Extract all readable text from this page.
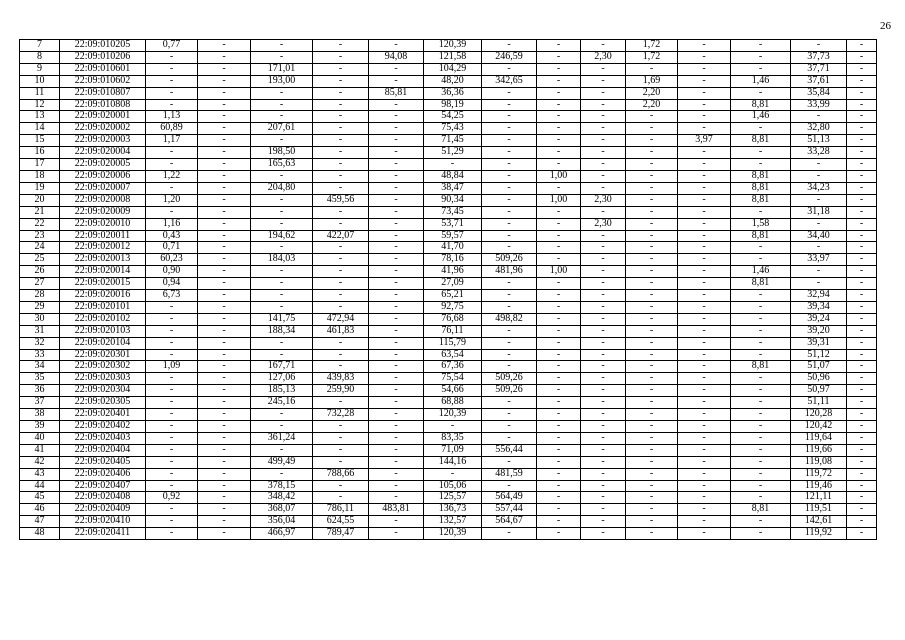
26
7	22:09:010205	0,77	-	-	-	-	120,39	-	-	-	1,72	-	-	-	-
8	22:09:010206	-	-	-	-	94,08	121,58	246,59	-	2,30	1,72	-	-	37,73	-
9	22:09:010601	-	-	171,01	-	-	104,29	-	-	-	-	-	-	37,71	-
10	22:09:010602	-	-	193,00	-	-	48,20	342,65	-	-	1,69	-	1,46	37,61	-
11	22:09:010807	-	-	-	-	85,81	36,36	-	-	-	2,20	-	-	35,84	-
12	22:09:010808	-	-	-	-	-	98,19	-	-	-	2,20	-	8,81	33,99	-
13	22:09:020001	1,13	-	-	-	-	54,25	-	-	-	-	-	1,46	-	-
14	22:09:020002	60,89	-	207,61	-	-	75,43	-	-	-	-	-	-	32,80	-
15	22:09:020003	1,17	-	-	-	-	71,45	-	-	-	-	3,97	8,81	51,13	-
16	22:09:020004	-	-	198,50	-	-	51,29	-	-	-	-	-	-	33,28	-
17	22:09:020005	-	-	165,63	-	-	-	-	-	-	-	-	-	-	-
18	22:09:020006	1,22	-	-	-	-	48,84	-	1,00	-	-	-	8,81	-	-
19	22:09:020007	-	-	204,80	-	-	38,47	-	-	-	-	-	8,81	34,23	-
20	22:09:020008	1,20	-	-	459,56	-	90,34	-	1,00	2,30	-	-	8,81	-	-
21	22:09:020009	-	-	-	-	-	73,45	-	-	-	-	-	-	31,18	-
22	22:09:020010	1,16	-	-	-	-	53,71	-	-	2,30	-	-	1,58	-	-
23	22:09:020011	0,43	-	194,62	422,07	-	59,57	-	-	-	-	-	8,81	34,40	-
24	22:09:020012	0,71	-	-	-	-	41,70	-	-	-	-	-	-	-	-
25	22:09:020013	60,23	-	184,03	-	-	78,16	509,26	-	-	-	-	-	33,97	-
26	22:09:020014	0,90	-	-	-	-	41,96	481,96	1,00	-	-	-	1,46	-	-
27	22:09:020015	0,94	-	-	-	-	27,09	-	-	-	-	-	8,81	-	-
28	22:09:020016	6,73	-	-	-	-	65,21	-	-	-	-	-	-	32,94	-
29	22:09:020101	-	-	-	-	-	92,75	-	-	-	-	-	-	39,34	-
30	22:09:020102	-	-	141,75	472,94	-	76,68	498,82	-	-	-	-	-	39,24	-
31	22:09:020103	-	-	188,34	461,83	-	76,11	-	-	-	-	-	-	39,20	-
32	22:09:020104	-	-	-	-	-	115,79	-	-	-	-	-	-	39,31	-
33	22:09:020301	-	-	-	-	-	63,54	-	-	-	-	-	-	51,12	-
34	22:09:020302	1,09	-	167,71	-	-	67,36	-	-	-	-	-	8,81	51,07	-
35	22:09:020303	-	-	127,06	439,83	-	75,54	509,26	-	-	-	-	-	50,96	-
36	22:09:020304	-	-	185,13	259,90	-	54,66	509,26	-	-	-	-	-	50,97	-
37	22:09:020305	-	-	245,16	-	-	68,88	-	-	-	-	-	-	51,11	-
38	22:09:020401	-	-	-	732,28	-	120,39	-	-	-	-	-	-	120,28	-
39	22:09:020402	-	-	-	-	-	-	-	-	-	-	-	-	120,42	-
40	22:09:020403	-	-	361,24	-	-	83,35	-	-	-	-	-	-	119,64	-
41	22:09:020404	-	-	-	-	-	71,09	556,44	-	-	-	-	-	119,66	-
42	22:09:020405	-	-	499,49	-	-	144,16	-	-	-	-	-	-	119,08	-
43	22:09:020406	-	-	-	788,66	-	-	481,59	-	-	-	-	-	119,72	-
44	22:09:020407	-	-	378,15	-	-	105,06	-	-	-	-	-	-	119,46	-
45	22:09:020408	0,92	-	348,42	-	-	125,57	564,49	-	-	-	-	-	121,11	-
46	22:09:020409	-	-	368,07	786,11	483,81	136,73	557,44	-	-	-	-	8,81	119,51	-
47	22:09:020410	-	-	356,04	624,55	-	132,57	564,67	-	-	-	-	-	142,61	-
48	22:09:020411	-	-	466,97	789,47	-	120,39	-	-	-	-	-	-	119,92	-
